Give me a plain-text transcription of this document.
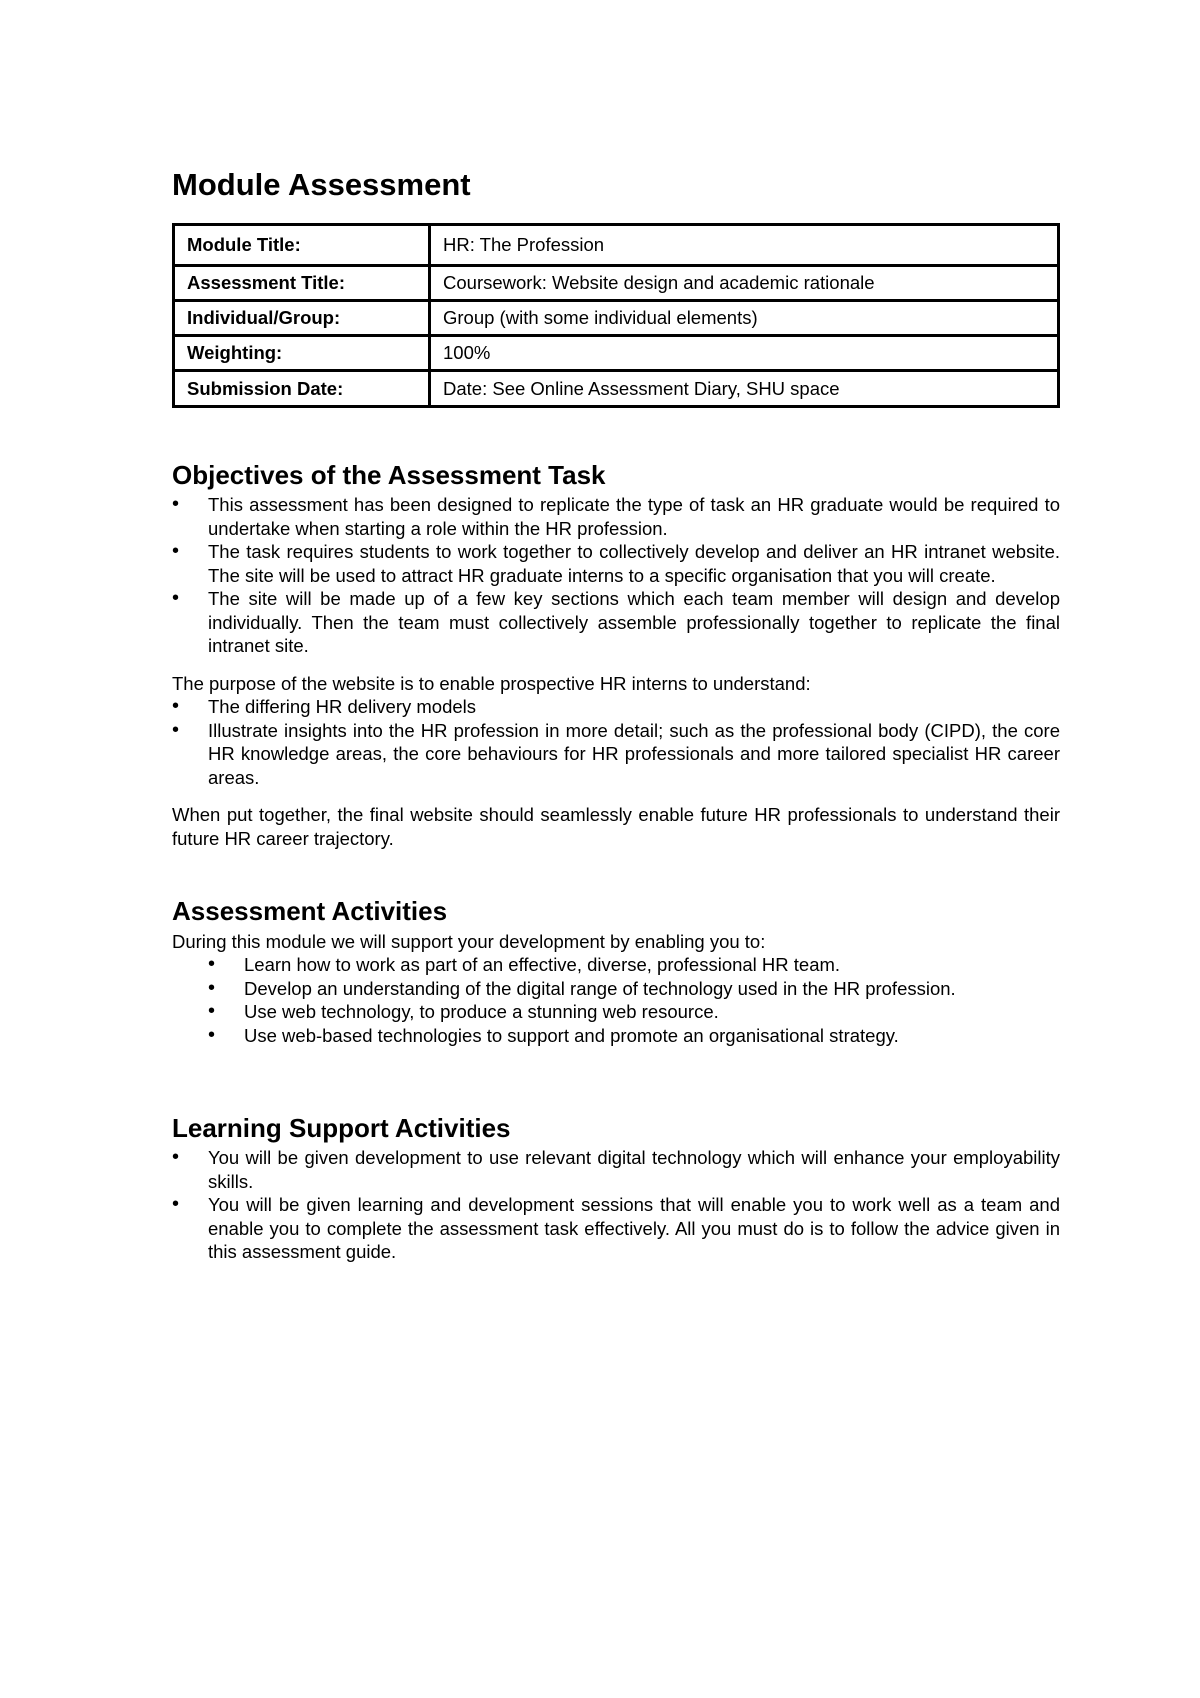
Module Assessment
Module Title:	HR: The Profession
Assessment Title:	Coursework: Website design and academic rationale
Individual/Group:	Group (with some individual elements)
Weighting:	100%
Submission Date:	Date: See Online Assessment Diary, SHU space
Objectives of the Assessment Task
• This assessment has been designed to replicate the type of task an HR graduate would be required to undertake when starting a role within the HR profession.
• The task requires students to work together to collectively develop and deliver an HR intranet website. The site will be used to attract HR graduate interns to a specific organisation that you will create.
• The site will be made up of a few key sections which each team member will design and develop individually. Then the team must collectively assemble professionally together to replicate the final intranet site.

The purpose of the website is to enable prospective HR interns to understand:

• The differing HR delivery models
• Illustrate insights into the HR profession in more detail; such as the professional body (CIPD), the core HR knowledge areas, the core behaviours for HR professionals and more tailored specialist HR career areas.

When put together, the final website should seamlessly enable future HR professionals to understand their future HR career trajectory.

Assessment Activities

During this module we will support your development by enabling you to:

• Learn how to work as part of an effective, diverse, professional HR team.
• Develop an understanding of the digital range of technology used in the HR profession.
• Use web technology, to produce a stunning web resource.
• Use web-based technologies to support and promote an organisational strategy.
Learning Support Activities
• You will be given development to use relevant digital technology which will enhance your employability skills.
• You will be given learning and development sessions that will enable you to work well as a team and enable you to complete the assessment task effectively. All you must do is to follow the advice given in this assessment guide.
